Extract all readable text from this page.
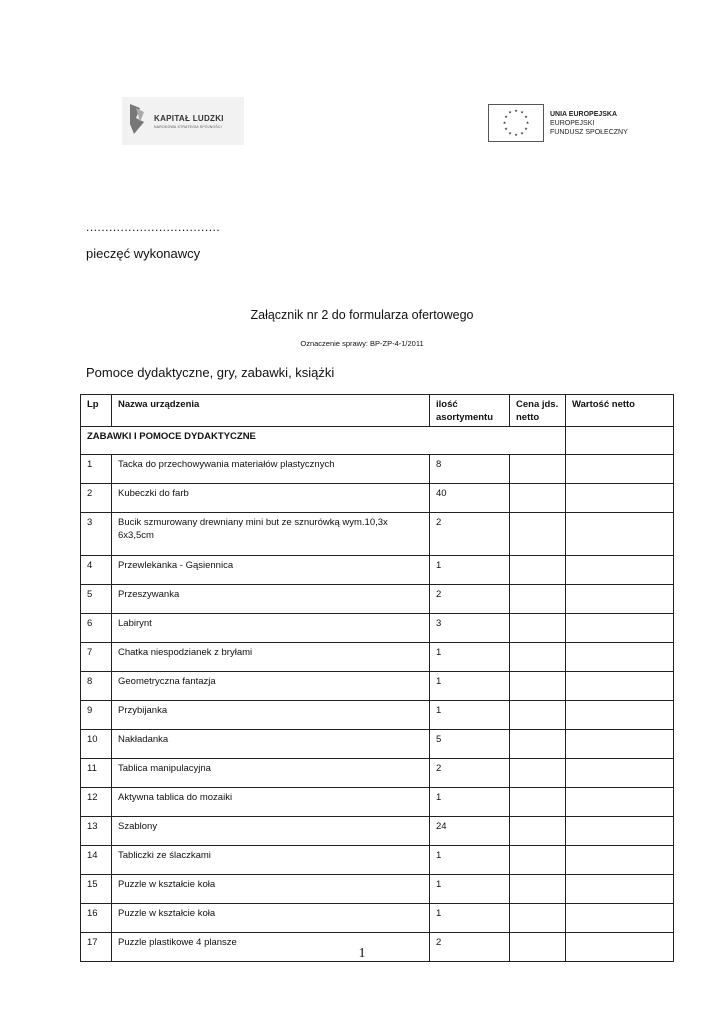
KAPITAŁ LUDZKI
NARODOWA STRATEGIA SPÓJNOŚCI
★ ★
★
★
★
★
★
★
★
★
★
★	UNIA EUROPEJSKA
EUROPEJSKI
FUNDUSZ SPOŁECZNY
...................................
pieczęć wykonawcy
Załącznik nr 2 do formularza ofertowego
Oznaczenie sprawy: BP-ZP-4-1/2011
Pomoce dydaktyczne, gry, zabawki, książki
Lp	Nazwa urządzenia	ilość asortymentu	Cena jds. netto	Wartość netto
ZABAWKI I POMOCE DYDAKTYCZNE				
1	Tacka do przechowywania materiałów plastycznych	8		
2	Kubeczki do farb	40		
3	Bucik szmurowany drewniany mini but ze sznurówką wym.10,3x 6x3,5cm	2		
4	Przewlekanka - Gąsiennica	1		
5	Przeszywanka	2		
6	Labirynt	3		
7	Chatka niespodzianek z bryłami	1		
8	Geometryczna fantazja	1		
9	Przybijanka	1		
10	Nakładanka	5		
11	Tablica manipulacyjna	2		
12	Aktywna tablica do mozaiki	1		
13	Szablony	24		
14	Tabliczki ze ślaczkami	1		
15	Puzzle w kształcie koła	1		
16	Puzzle w kształcie koła	1		
17	Puzzle plastikowe 4 plansze	2		
1
